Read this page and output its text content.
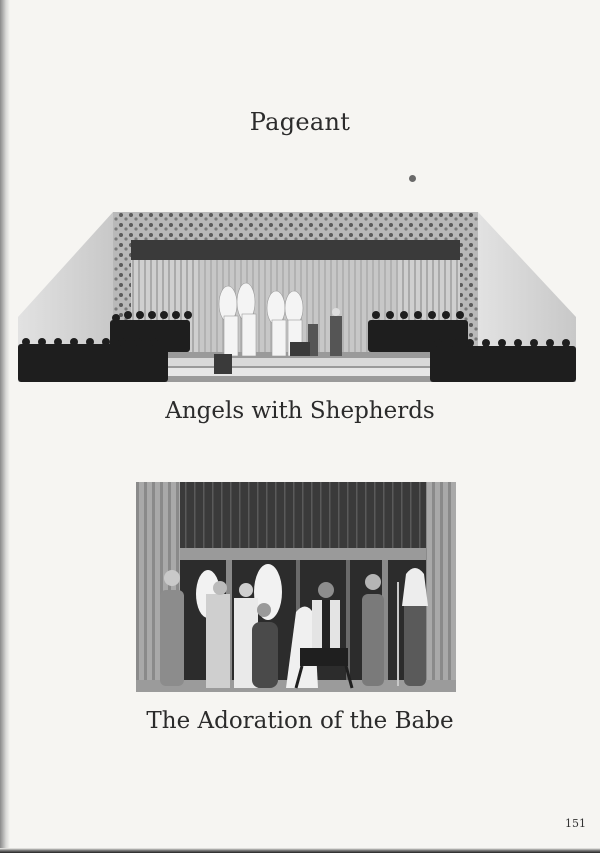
Pageant
Angels with Shepherds
The Adoration of the Babe
151
